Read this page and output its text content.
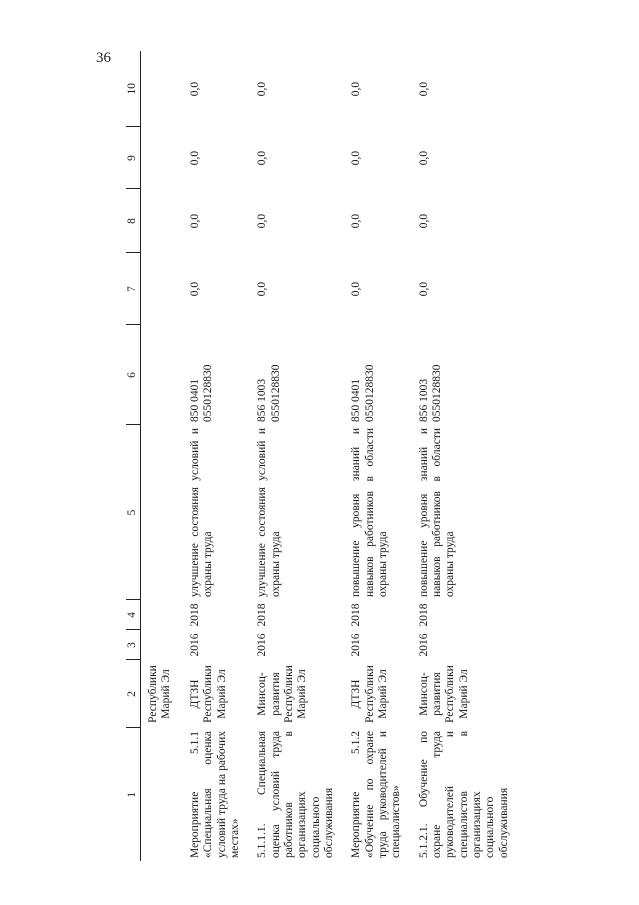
36
1	2	3	4	5	6	7	8	9	10
	Республики Марий Эл								
Мероприятие 5.1.1 «Специальная оценка условий труда на рабочих местах»	ДТЗН Республики Марий Эл	2016	2018	улучшение состояния условий и охраны труда	850 0401 0550128830	0,0	0,0	0,0	0,0
5.1.1.1. Специальная оценка условий труда работников в организациях социального обслуживания	Минсоц-развития Республики Марий Эл	2016	2018	улучшение состояния условий и охраны труда	856 1003 0550128830	0,0	0,0	0,0	0,0
Мероприятие 5.1.2 «Обучение по охране труда руководителей и специалистов»	ДТЗН Республики Марий Эл	2016	2018	повышение уровня знаний и навыков работников в области охраны труда	850 0401 0550128830	0,0	0,0	0,0	0,0
5.1.2.1. Обучение по охране труда руководителей и специалистов в организациях социального обслуживания	Минсоц-развития Республики Марий Эл	2016	2018	повышение уровня знаний и навыков работников в области охраны труда	856 1003 0550128830	0,0	0,0	0,0	0,0
